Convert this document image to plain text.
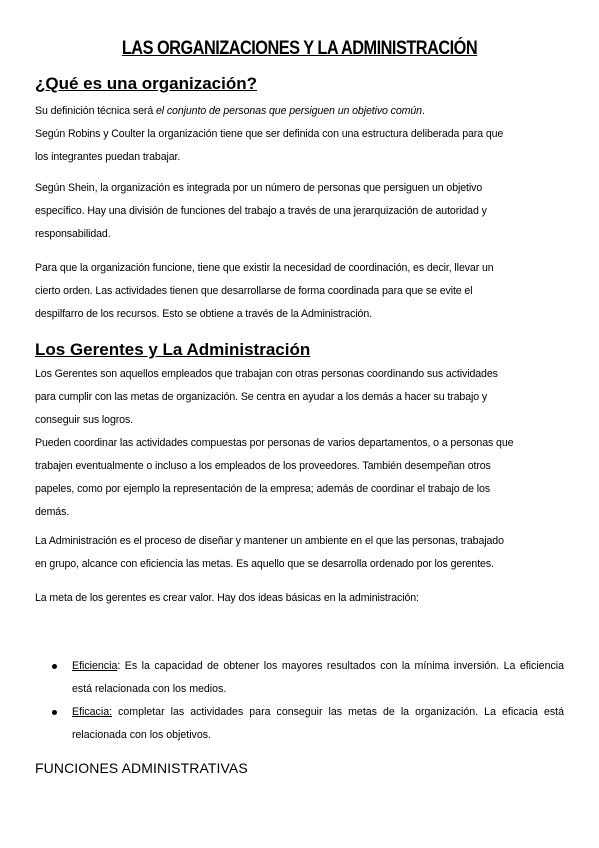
LAS ORGANIZACIONES Y LA ADMINISTRACIÓN
¿Qué es una organización?
Su definición técnica será el conjunto de personas que persiguen un objetivo común.
Según Robins y Coulter la organización tiene que ser definida con una estructura deliberada para que
los integrantes puedan trabajar.
Según Shein, la organización es integrada por un número de personas que persiguen un objetivo
específico. Hay una división de funciones del trabajo a través de una jerarquización de autoridad y
responsabilidad.
Para que la organización funcione, tiene que existir la necesidad de coordinación, es decir, llevar un
cierto orden. Las actividades tienen que desarrollarse de forma coordinada para que se evite el
despilfarro de los recursos. Esto se obtiene a través de la Administración.
Los Gerentes y La Administración
Los Gerentes son aquellos empleados que trabajan con otras personas coordinando sus actividades
para cumplir con las metas de organización. Se centra en ayudar a los demás a hacer su trabajo y
conseguir sus logros.
Pueden coordinar las actividades compuestas por personas de varios departamentos, o a personas que
trabajen eventualmente o incluso a los empleados de los proveedores. También desempeñan otros
papeles, como por ejemplo la representación de la empresa; además de coordinar el trabajo de los
demás.
La Administración es el proceso de diseñar y mantener un ambiente en el que las personas, trabajado
en grupo, alcance con eficiencia las metas. Es aquello que se desarrolla ordenado por los gerentes.
La meta de los gerentes es crear valor. Hay dos ideas básicas en la administración:
Eficiencia: Es la capacidad de obtener los mayores resultados con la mínima inversión. La eficiencia está relacionada con los medios.
Eficacia: completar las actividades para conseguir las metas de la organización. La eficacia está relacionada con los objetivos.
FUNCIONES ADMINISTRATIVAS
